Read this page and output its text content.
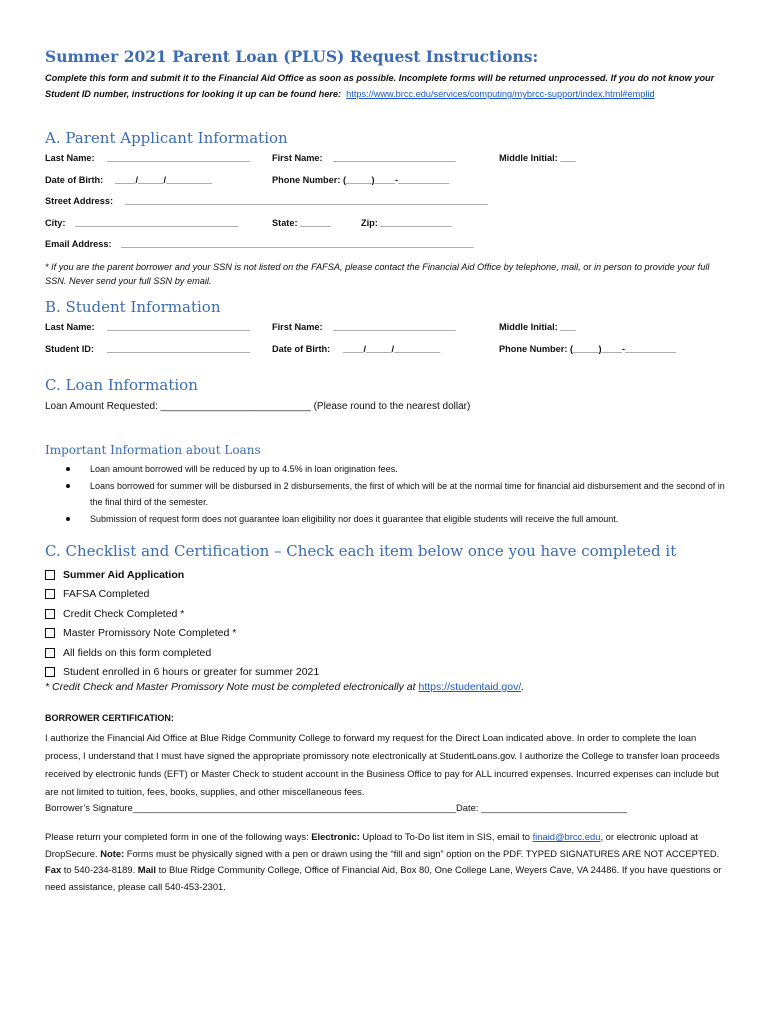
Summer 2021 Parent Loan (PLUS) Request Instructions:
Complete this form and submit it to the Financial Aid Office as soon as possible. Incomplete forms will be returned unprocessed. If you do not know your Student ID number, instructions for looking it up can be found here: https://www.brcc.edu/services/computing/mybrcc-support/index.html#emplid
A. Parent Applicant Information
Last Name: ____________________________ First Name: ________________________	Middle Initial: ___
Date of Birth: ____/_____/_________	Phone Number: (_____)____-__________
Street Address: _______________________________________________________________________
City: ________________________________	State: ______	Zip: ______________
Email Address: _____________________________________________________________________
* If you are the parent borrower and your SSN is not listed on the FAFSA, please contact the Financial Aid Office by telephone, mail, or in person to provide your full SSN. Never send your full SSN by email.
B. Student Information
Last Name: ____________________________ First Name: ________________________	Middle Initial: ___
Student ID: ____________________________ Date of Birth: ____/_____/_________	Phone Number: (_____)____-__________
C. Loan Information
Loan Amount Requested: ___________________________ (Please round to the nearest dollar)
Important Information about Loans
Loan amount borrowed will be reduced by up to 4.5% in loan origination fees.
Loans borrowed for summer will be disbursed in 2 disbursements, the first of which will be at the normal time for financial aid disbursement and the second of in the final third of the semester.
Submission of request form does not guarantee loan eligibility nor does it guarantee that eligible students will receive the full amount.
C. Checklist and Certification – Check each item below once you have completed it
Summer Aid Application
FAFSA Completed
Credit Check Completed *
Master Promissory Note Completed *
All fields on this form completed
Student enrolled in 6 hours or greater for summer 2021
* Credit Check and Master Promissory Note must be completed electronically at https://studentaid.gov/.
BORROWER CERTIFICATION:
I authorize the Financial Aid Office at Blue Ridge Community College to forward my request for the Direct Loan indicated above. In order to complete the loan process, I understand that I must have signed the appropriate promissory note electronically at StudentLoans.gov. I authorize the College to transfer loan proceeds received by electronic funds (EFT) or Master Check to student account in the Business Office to pay for ALL incurred expenses. Incurred expenses can include but are not limited to tuition, fees, books, supplies, and other miscellaneous fees.
Borrower’s Signature______________________________________________________________Date: ____________________________
Please return your completed form in one of the following ways: Electronic: Upload to To-Do list item in SIS, email to finaid@brcc.edu, or electronic upload at DropSecure. Note: Forms must be physically signed with a pen or drawn using the “fill and sign” option on the PDF. TYPED SIGNATURES ARE NOT ACCEPTED. Fax to 540-234-8189. Mail to Blue Ridge Community College, Office of Financial Aid, Box 80, One College Lane, Weyers Cave, VA 24486. If you have questions or need assistance, please call 540-453-2301.
